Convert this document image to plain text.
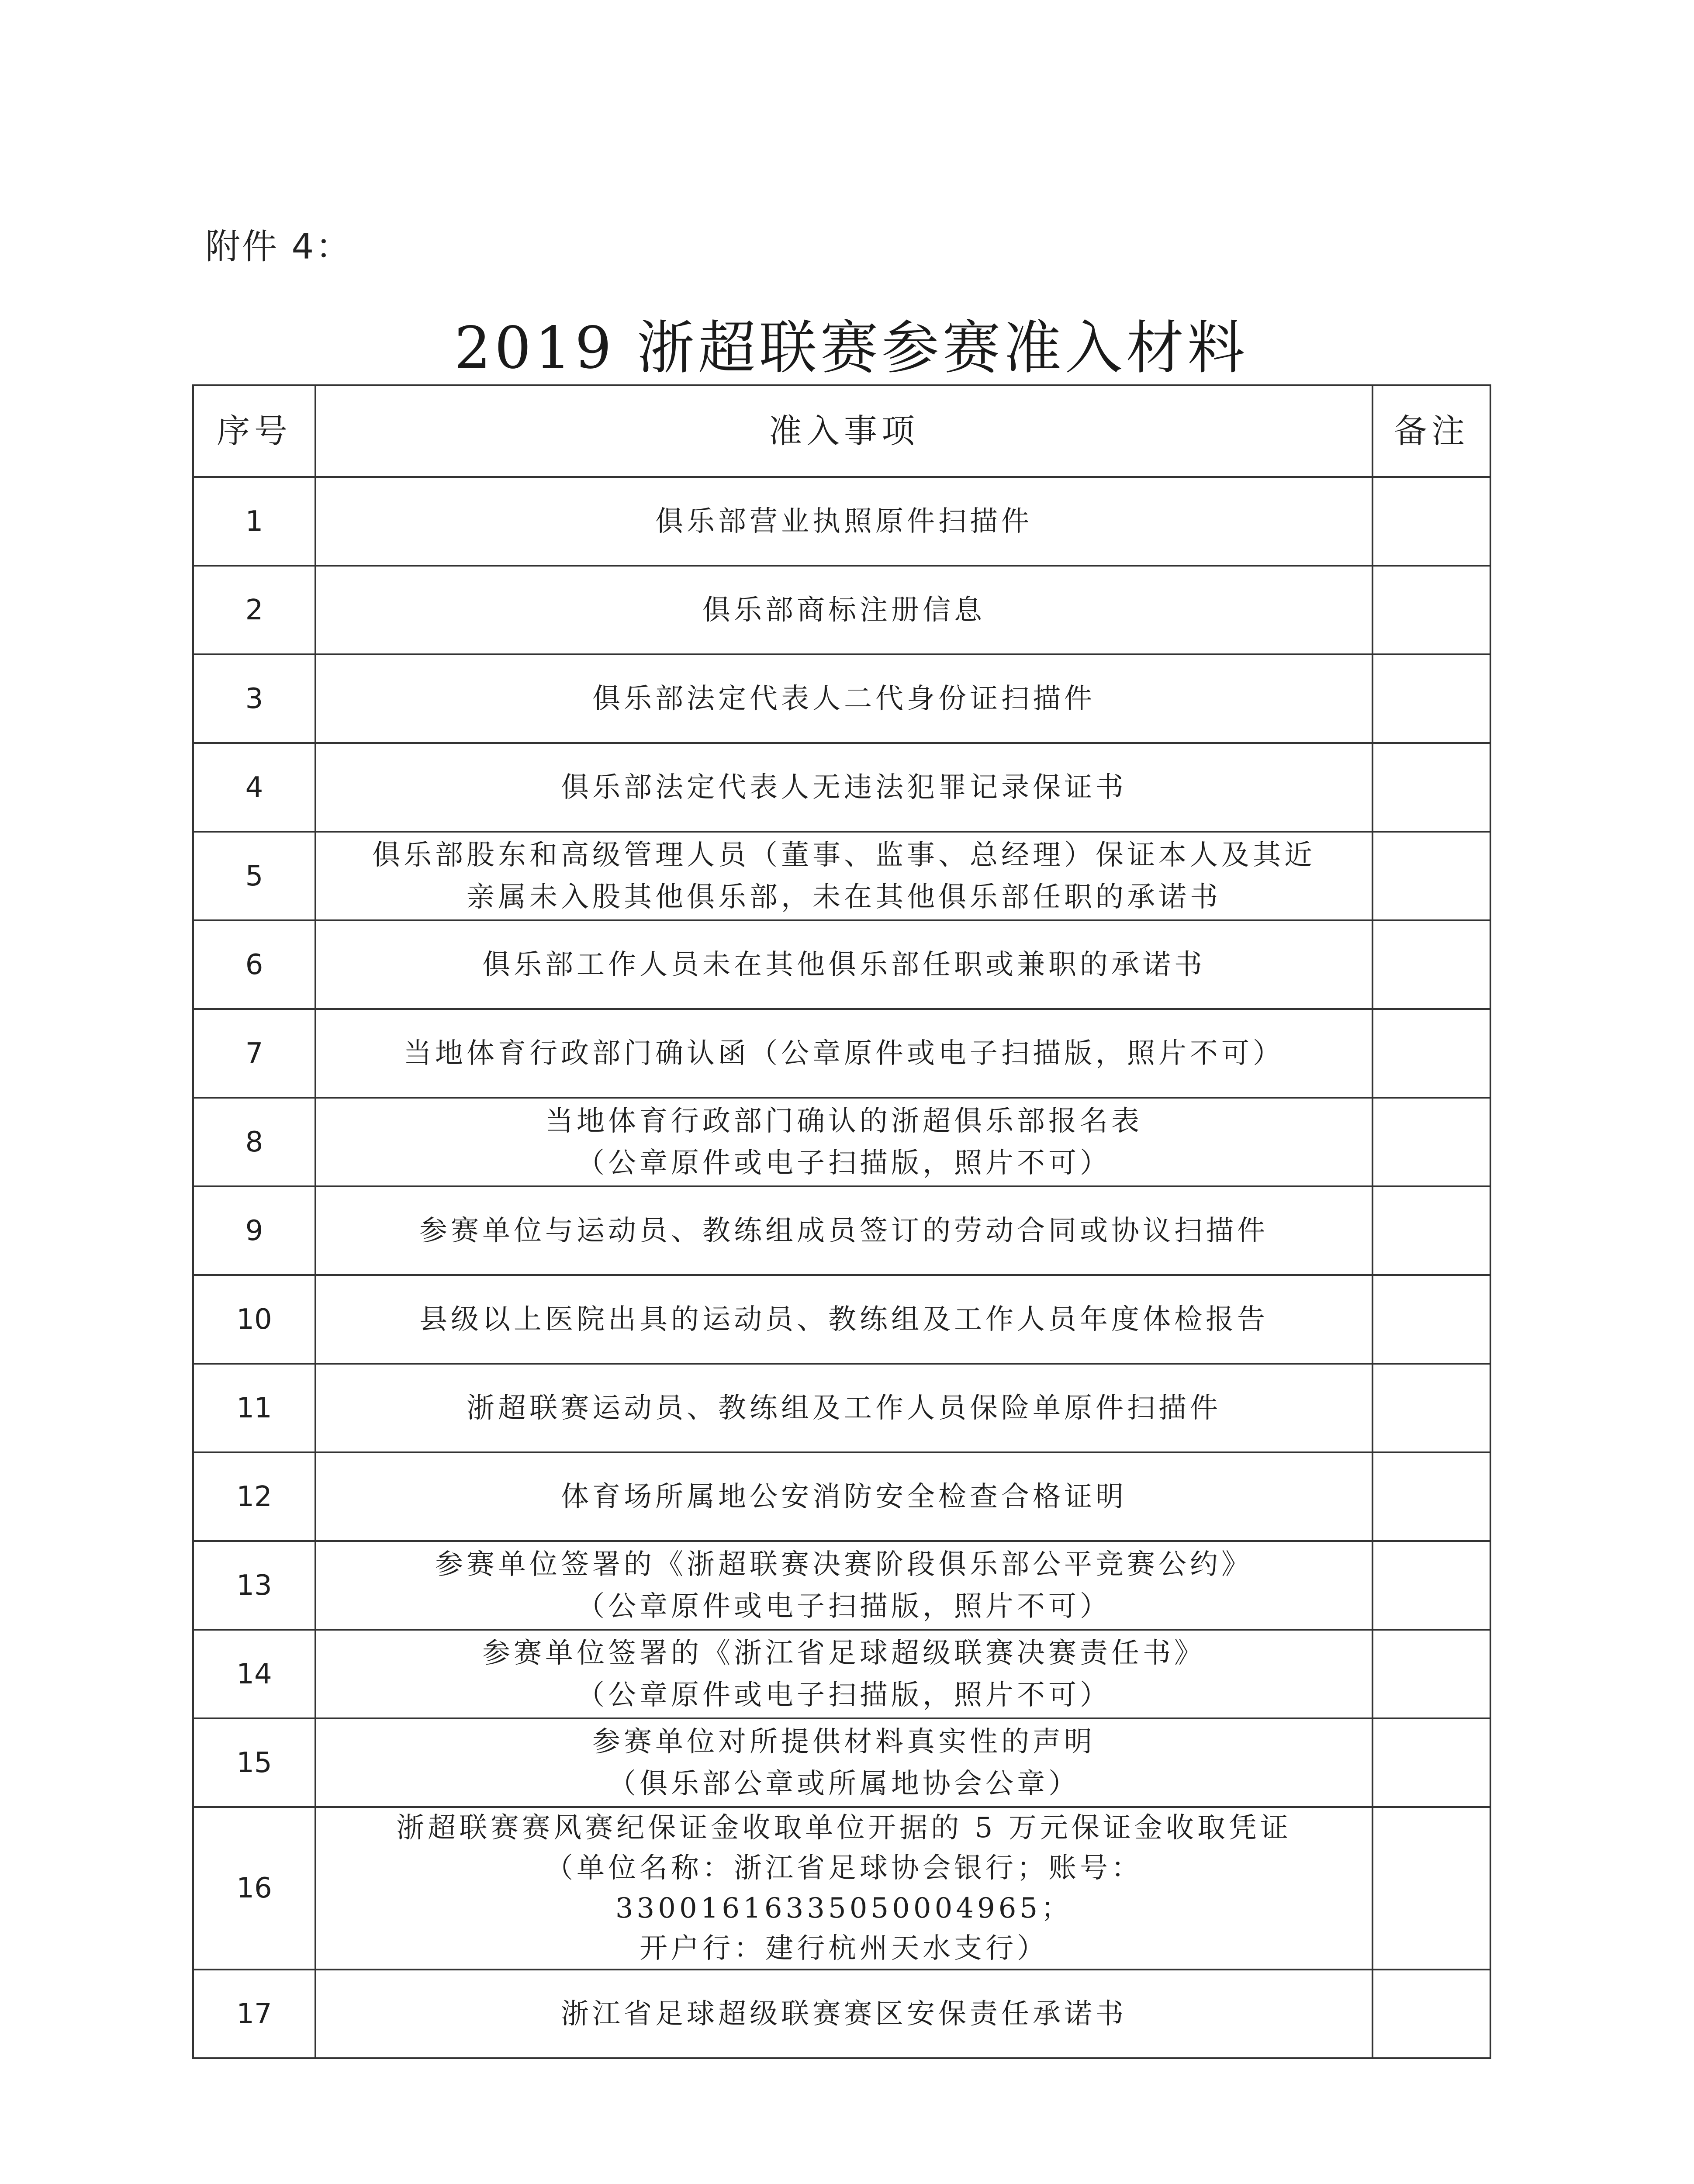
附件 4：
2019 浙超联赛参赛准入材料
序号	准入事项	备注
1	俱乐部营业执照原件扫描件	

2	俱乐部商标注册信息	

3	俱乐部法定代表人二代身份证扫描件	

4	俱乐部法定代表人无违法犯罪记录保证书	

5	俱乐部股东和高级管理人员（董事、监事、总经理）保证本人及其近
亲属未入股其他俱乐部，未在其他俱乐部任职的承诺书	

6	俱乐部工作人员未在其他俱乐部任职或兼职的承诺书	

7	当地体育行政部门确认函（公章原件或电子扫描版，照片不可）	

8	当地体育行政部门确认的浙超俱乐部报名表
（公章原件或电子扫描版，照片不可）	

9	参赛单位与运动员、教练组成员签订的劳动合同或协议扫描件	

10	县级以上医院出具的运动员、教练组及工作人员年度体检报告	

11	浙超联赛运动员、教练组及工作人员保险单原件扫描件	

12	体育场所属地公安消防安全检查合格证明	

13	参赛单位签署的《浙超联赛决赛阶段俱乐部公平竞赛公约》
（公章原件或电子扫描版，照片不可）	

14	参赛单位签署的《浙江省足球超级联赛决赛责任书》
（公章原件或电子扫描版，照片不可）	

15	参赛单位对所提供材料真实性的声明
（俱乐部公章或所属地协会公章）	

16	浙超联赛赛风赛纪保证金收取单位开据的 5 万元保证金收取凭证
（单位名称：浙江省足球协会银行；账号：33001616335050004965；
开户行：建行杭州天水支行）	

17	浙江省足球超级联赛赛区安保责任承诺书	
